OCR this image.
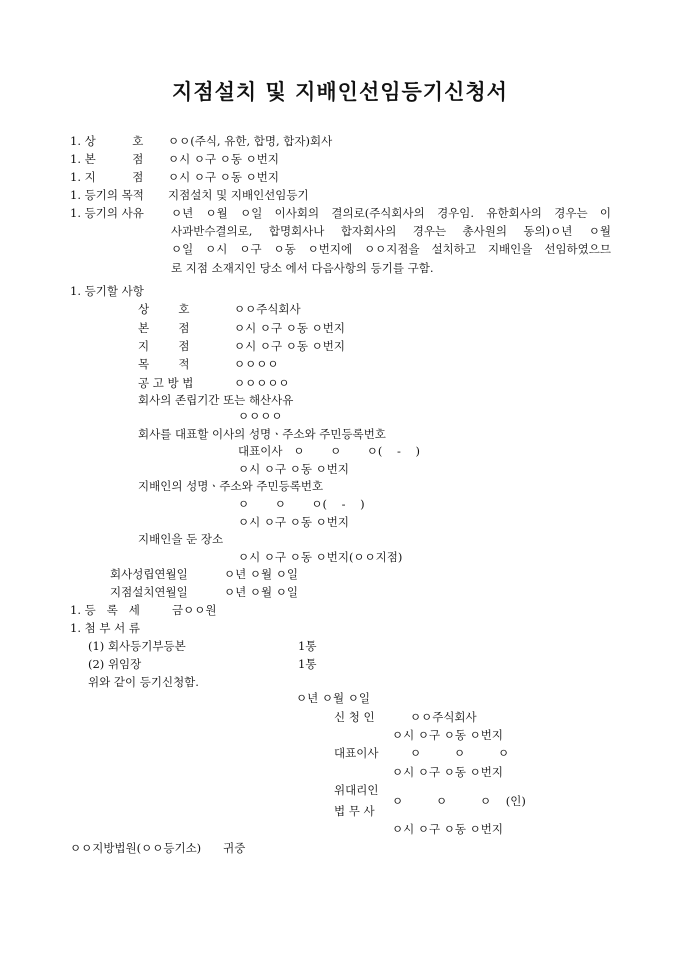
지점설치 및 지배인선임등기신청서
1. 상          호 ㅇㅇ(주식, 유한, 합명, 합자)회사
1. 본          점 ㅇ시 ㅇ구 ㅇ동 ㅇ번지
1. 지          점 ㅇ시 ㅇ구 ㅇ동 ㅇ번지
1. 등기의 목적 지점설치 및 지배인선임등기
1. 등기의 사유 ㅇ년 ㅇ월 ㅇ일 이사회의 결의로(주식회사의 경우임. 유한회사의 경우는 이
사과반수결의로, 합명회사나 합자회사의 경우는 총사원의 동의)ㅇ년 ㅇ월
ㅇ일 ㅇ시 ㅇ구 ㅇ동 ㅇ번지에 ㅇㅇ지점을 설치하고 지배인을 선임하였으므
로 지점 소재지인 당소 에서 다음사항의 등기를 구함.
1. 등기할 사항
상        호	ㅇㅇ주식회사
본        점	ㅇ시 ㅇ구 ㅇ동 ㅇ번지
지        점	ㅇ시 ㅇ구 ㅇ동 ㅇ번지
목        적	ㅇㅇㅇㅇ
공 고 방 법	ㅇㅇㅇㅇㅇ
회사의 존립기간 또는 해산사유
ㅇㅇㅇㅇ
회사를 대표할 이사의 성명ㆍ주소와 주민등록번호
대표이사   ㅇ       ㅇ       ㅇ(    -    )
ㅇ시 ㅇ구 ㅇ동 ㅇ번지
지배인의 성명ㆍ주소와 주민등록번호
ㅇ       ㅇ       ㅇ(    -    )
ㅇ시 ㅇ구 ㅇ동 ㅇ번지
지배인을 둔 장소
ㅇ시 ㅇ구 ㅇ동 ㅇ번지(ㅇㅇ지점)
회사성립연월일	ㅇ년 ㅇ월 ㅇ일
지점설치연월일	ㅇ년 ㅇ월 ㅇ일
1. 등   록   세	금ㅇㅇ원
1. 첨 부 서 류
(1) 회사등기부등본	1통
(2) 위임장	1통
위와 같이 등기신청함.
ㅇ년 ㅇ월 ㅇ일
신 청 인	ㅇㅇ주식회사
ㅇ시 ㅇ구 ㅇ동 ㅇ번지
대표이사	ㅇ         ㅇ         ㅇ
ㅇ시 ㅇ구 ㅇ동 ㅇ번지
위대리인
ㅇ         ㅇ         ㅇ    (인)
법 무 사
ㅇ시 ㅇ구 ㅇ동 ㅇ번지
ㅇㅇ지방법원(ㅇㅇ등기소)      귀중
